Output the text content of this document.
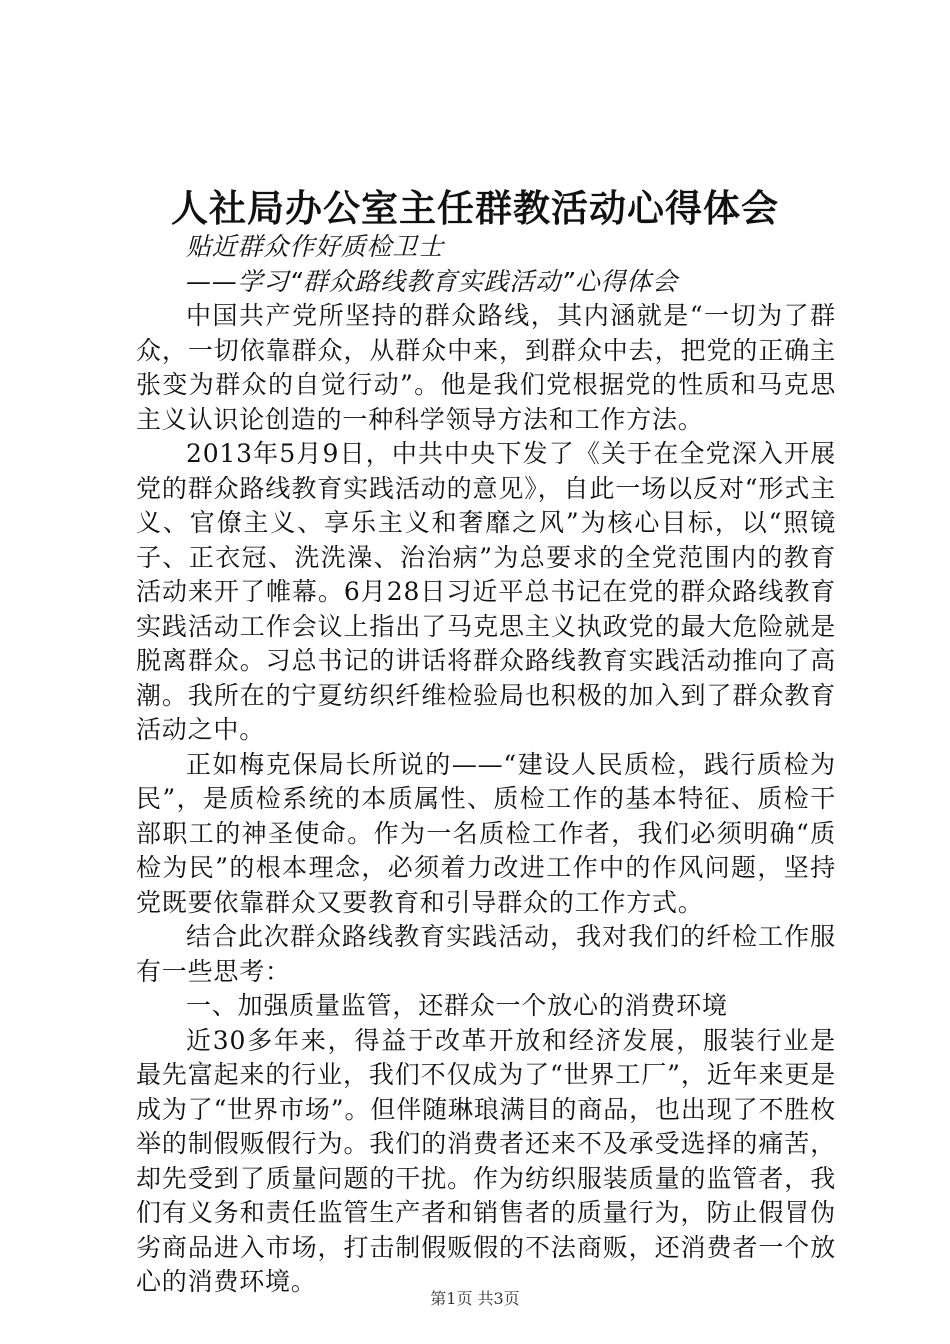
人社局办公室主任群教活动心得体会

贴近群众作好质检卫士

——学习“群众路线教育实践活动”心得体会

中国共产党所坚持的群众路线，其内涵就是“一切为了群众，一切依靠群众，从群众中来，到群众中去，把党的正确主张变为群众的自觉行动”。他是我们党根据党的性质和马克思主义认识论创造的一种科学领导方法和工作方法。

2013年5月9日，中共中央下发了《关于在全党深入开展党的群众路线教育实践活动的意见》，自此一场以反对“形式主义、官僚主义、享乐主义和奢靡之风”为核心目标，以“照镜子、正衣冠、洗洗澡、治治病”为总要求的全党范围内的教育活动来开了帷幕。6月28日习近平总书记在党的群众路线教育实践活动工作会议上指出了马克思主义执政党的最大危险就是脱离群众。习总书记的讲话将群众路线教育实践活动推向了高潮。我所在的宁夏纺织纤维检验局也积极的加入到了群众教育活动之中。

正如梅克保局长所说的——“建设人民质检，践行质检为民”，是质检系统的本质属性、质检工作的基本特征、质检干部职工的神圣使命。作为一名质检工作者，我们必须明确“质检为民”的根本理念，必须着力改进工作中的作风问题，坚持党既要依靠群众又要教育和引导群众的工作方式。

结合此次群众路线教育实践活动，我对我们的纤检工作服有一些思考：

一、加强质量监管，还群众一个放心的消费环境

近30多年来，得益于改革开放和经济发展，服装行业是最先富起来的行业，我们不仅成为了“世界工厂”，近年来更是成为了“世界市场”。但伴随琳琅满目的商品，也出现了不胜枚举的制假贩假行为。我们的消费者还来不及承受选择的痛苦，却先受到了质量问题的干扰。作为纺织服装质量的监管者，我们有义务和责任监管生产者和销售者的质量行为，防止假冒伪劣商品进入市场，打击制假贩假的不法商贩，还消费者一个放心的消费环境。

第1页 共3页
